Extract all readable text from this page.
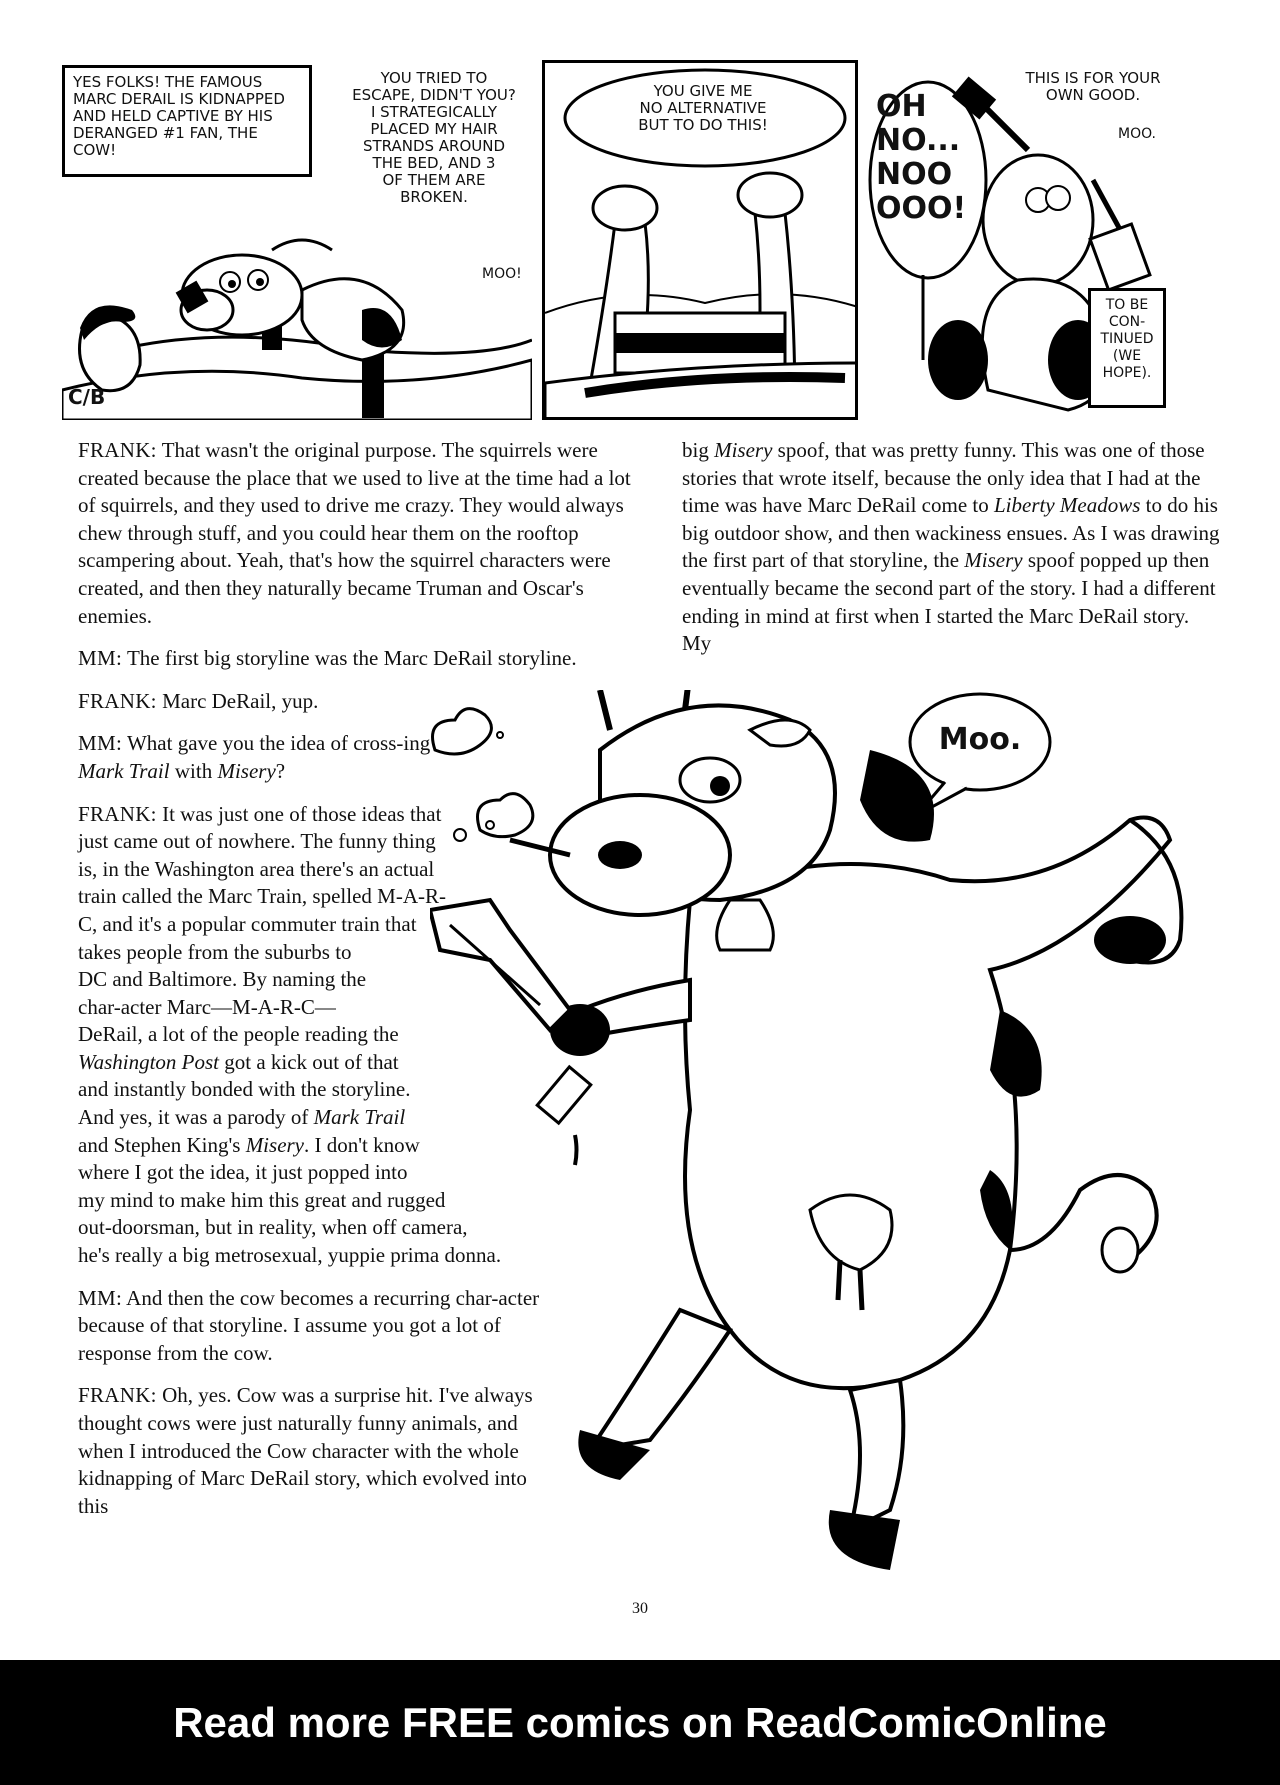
YES FOLKS! THE FAMOUS MARC DERAIL IS KIDNAPPED AND HELD CAPTIVE BY HIS DERANGED #1 FAN, THE COW!
YOU TRIED TO
ESCAPE, DIDN'T YOU?
I STRATEGICALLY
PLACED MY HAIR
STRANDS AROUND
THE BED, AND 3
OF THEM ARE
BROKEN.
MOO!
C/B
YOU GIVE ME
NO ALTERNATIVE
BUT TO DO THIS!
OH
NO...
NOO
OOO!
THIS IS FOR YOUR
OWN GOOD.
MOO.
TO BE CON-TINUED (WE HOPE).
Moo.

FRANK: That wasn't the original purpose. The squirrels were created because the place that we used to live at the time had a lot of squirrels, and they used to drive me crazy. They would always chew through stuff, and you could hear them on the rooftop scampering about. Yeah, that's how the squirrel characters were created, and then they naturally became Truman and Oscar's enemies.

MM: The first big storyline was the Marc DeRail storyline.

FRANK: Marc DeRail, yup.

MM: What gave you the idea of cross-ing Mark Trail with Misery?

FRANK: It was just one of those ideas that just came out of nowhere. The funny thing is, in the Washington area there's an actual train called the Marc Train, spelled M-A-R-C, and it's a popular commuter train that takes people from the suburbs to DC and Baltimore. By naming the char-acter Marc—M-A-R-C—DeRail, a lot of the people reading the Washington Post got a kick out of that and instantly bonded with the storyline. And yes, it was a parody of Mark Trail and Stephen King's Misery. I don't know where I got the idea, it just popped into my mind to make him this great and rugged out-doorsman, but in reality, when off camera, he's really a big metrosexual, yuppie prima donna.

MM: And then the cow becomes a recurring char-acter because of that storyline. I assume you got a lot of response from the cow.

FRANK: Oh, yes. Cow was a surprise hit. I've always thought cows were just naturally funny animals, and when I introduced the Cow character with the whole kidnapping of Marc DeRail story, which evolved into this

big Misery spoof, that was pretty funny. This was one of those stories that wrote itself, because the only idea that I had at the time was have Marc DeRail come to Liberty Meadows to do his big outdoor show, and then wackiness ensues. As I was drawing the first part of that storyline, the Misery spoof popped up then eventually became the second part of the story. I had a different ending in mind at first when I started the Marc DeRail story. My

30
Read more FREE comics on ReadComicOnline
